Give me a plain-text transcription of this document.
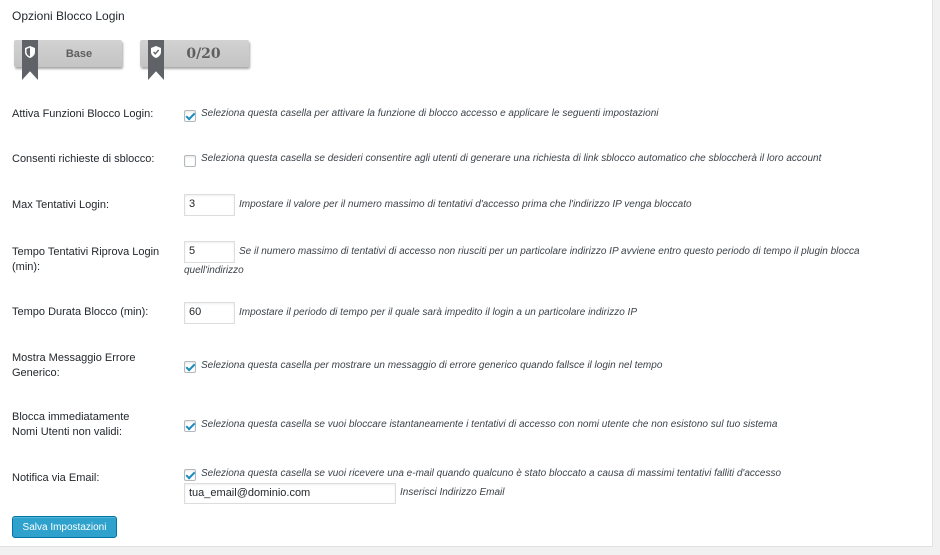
Opzioni Blocco Login
Base	0/20
Attiva Funzioni Blocco Login:	Seleziona questa casella per attivare la funzione di blocco accesso e applicare le seguenti impostazioni
Consenti richieste di sblocco:	Seleziona questa casella se desideri consentire agli utenti di generare una richiesta di link sblocco automatico che sbloccherà il loro account
Max Tentativi Login:	3	Impostare il valore per il numero massimo di tentativi d'accesso prima che l'indirizzo IP venga bloccato
Tempo Tentativi Riprova Login (min):
5	Se il numero massimo di tentativi di accesso non riusciti per un particolare indirizzo IP avviene entro questo periodo di tempo il plugin blocca
quell'indirizzo
Tempo Durata Blocco (min):	60	Impostare il periodo di tempo per il quale sarà impedito il login a un particolare indirizzo IP
Mostra Messaggio Errore Generico:
Seleziona questa casella per mostrare un messaggio di errore generico quando fallsce il login nel tempo
Blocca immediatamente Nomi Utenti non validi:
Seleziona questa casella se vuoi bloccare istantaneamente i tentativi di accesso con nomi utente che non esistono sul tuo sistema
Notifica via Email:	Seleziona questa casella se vuoi ricevere una e-mail quando qualcuno è stato bloccato a causa di massimi tentativi falliti d'accesso
tua_email@dominio.com	Inserisci Indirizzo Email
Salva Impostazioni
